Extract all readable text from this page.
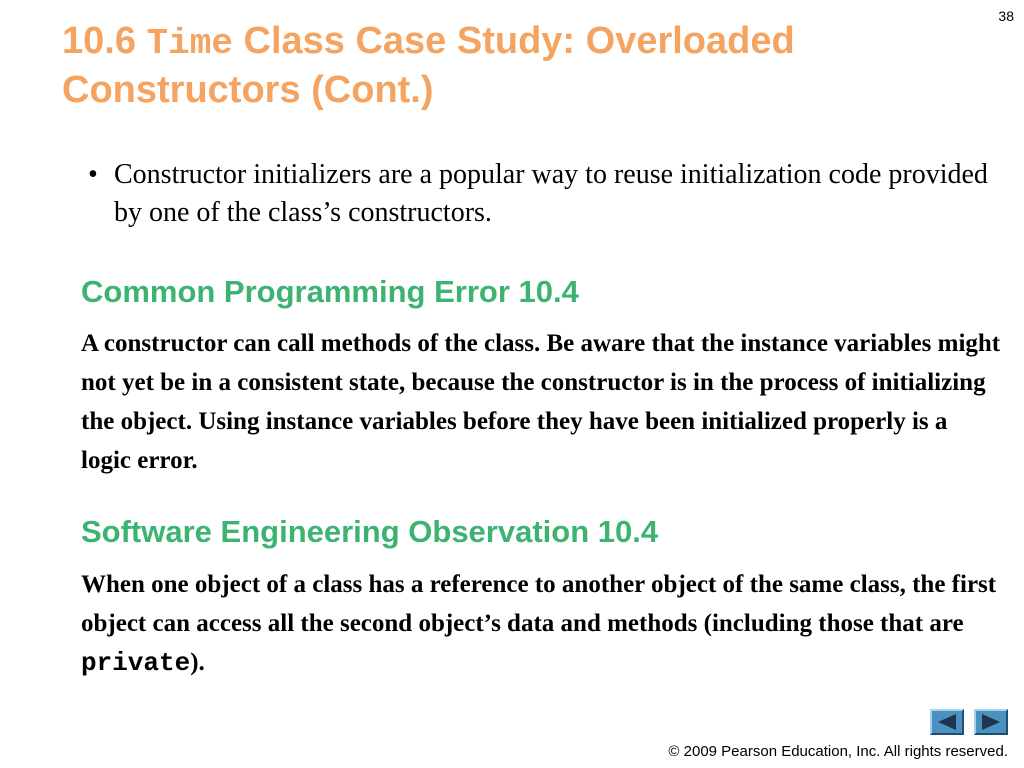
38
10.6 Time Class Case Study: Overloaded Constructors (Cont.)
• Constructor initializers are a popular way to reuse initialization code provided by one of the class’s constructors.
Common Programming Error 10.4

A constructor can call methods of the class. Be aware that the instance variables might not yet be in a consistent state, because the constructor is in the process of initializing the object. Using instance variables before they have been initialized properly is a logic error.

Software Engineering Observation 10.4

When one object of a class has a reference to another object of the same class, the first object can access all the second object’s data and methods (including those that are private).

© 2009 Pearson Education, Inc. All rights reserved.
